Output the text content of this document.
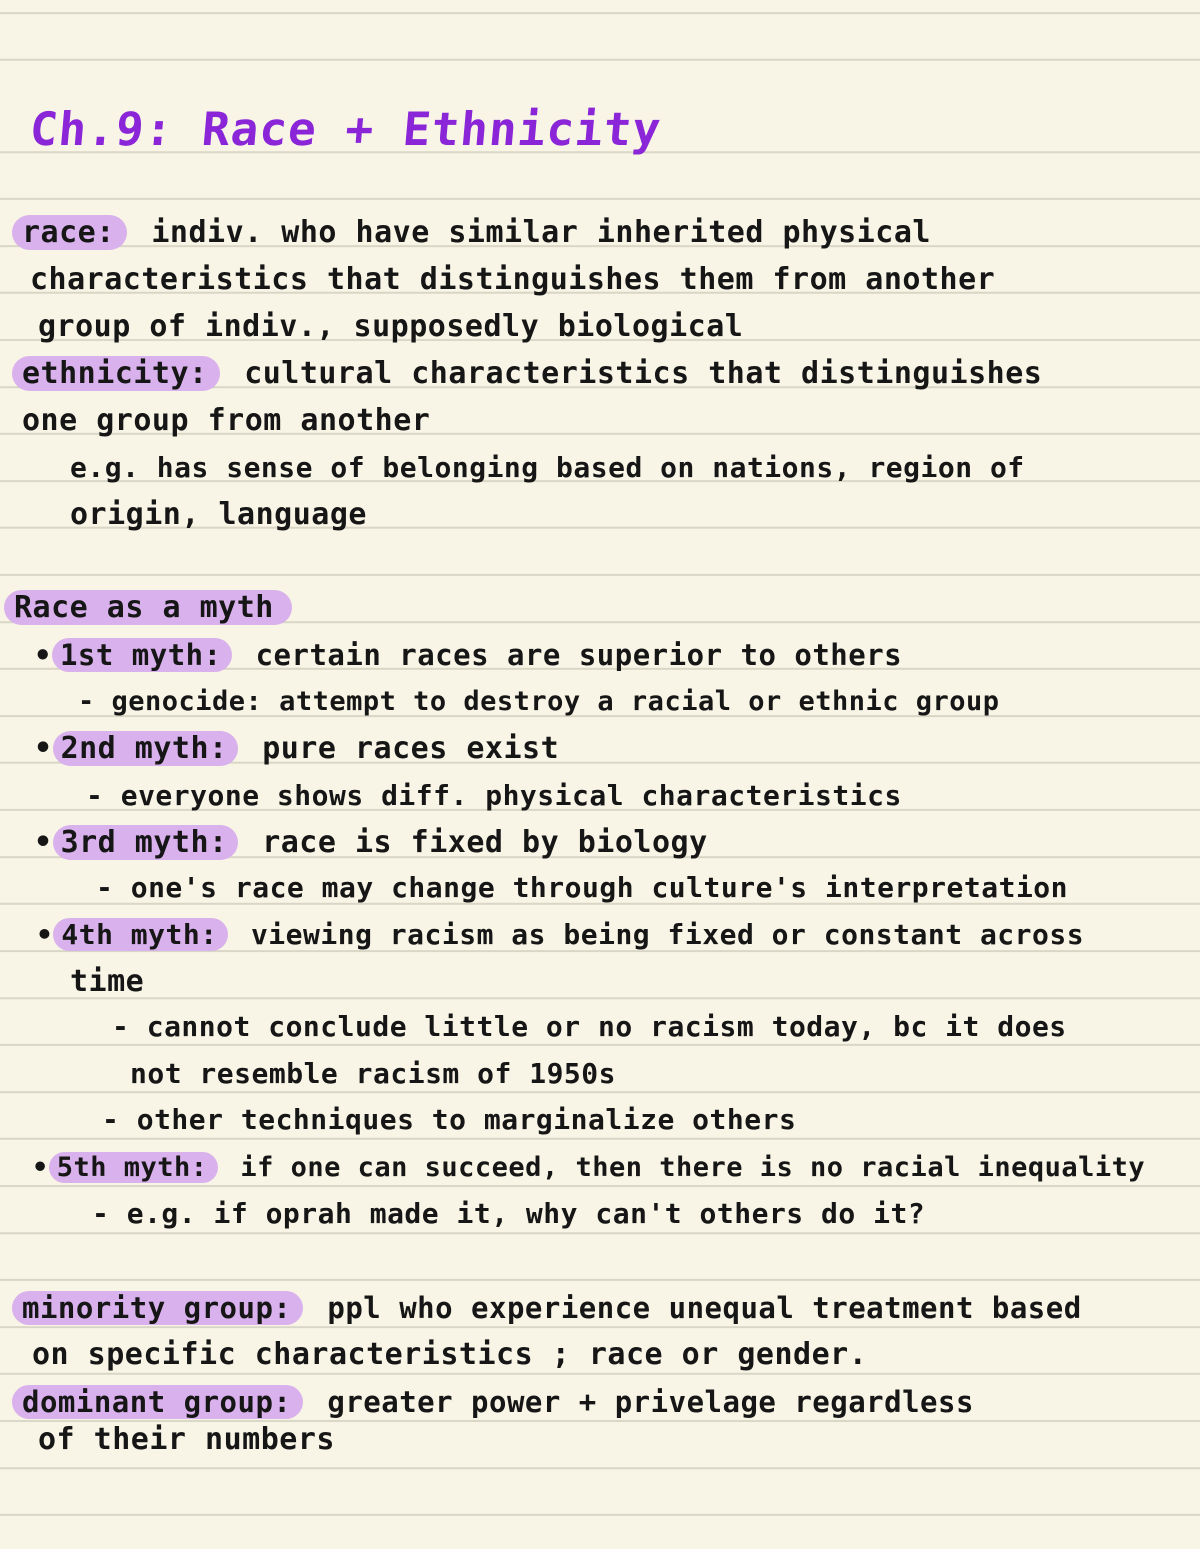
Ch.9: Race + Ethnicity
race: indiv. who have similar inherited physical
characteristics that distinguishes them from another
group of indiv., supposedly biological
ethnicity: cultural characteristics that distinguishes
one group from another
e.g. has sense of belonging based on nations, region of
origin, language
Race as a myth
• 1st myth: certain races are superior to others
- genocide: attempt to destroy a racial or ethnic group
• 2nd myth: pure races exist
- everyone shows diff. physical characteristics
• 3rd myth: race is fixed by biology
- one's race may change through culture's interpretation
• 4th myth: viewing racism as being fixed or constant across
time
- cannot conclude little or no racism today, bc it does
not resemble racism of 1950s
- other techniques to marginalize others
• 5th myth: if one can succeed, then there is no racial inequality
- e.g. if oprah made it, why can't others do it?
minority group: ppl who experience unequal treatment based
on specific characteristics ; race or gender.
dominant group: greater power + privelage regardless
of their numbers
